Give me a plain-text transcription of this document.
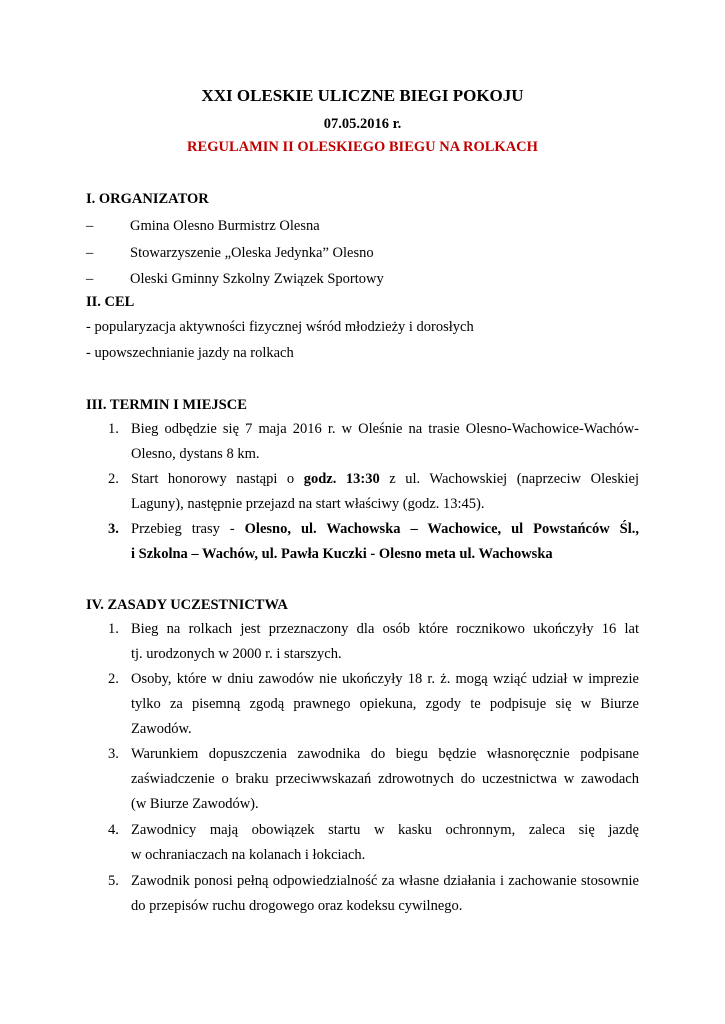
XXI OLESKIE ULICZNE BIEGI POKOJU
07.05.2016 r.
REGULAMIN II OLESKIEGO BIEGU NA ROLKACH
I. ORGANIZATOR
–	Gmina Olesno Burmistrz Olesna
–	Stowarzyszenie „Oleska Jedynka” Olesno
–	Oleski Gminny Szkolny Związek Sportowy
II. CEL
- popularyzacja aktywności fizycznej wśród młodzieży i dorosłych
- upowszechnianie jazdy na rolkach
III. TERMIN I MIEJSCE
1. Bieg odbędzie się 7 maja 2016 r. w Oleśnie na trasie Olesno-Wachowice-Wachów-
Olesno, dystans 8 km.
2. Start honorowy nastąpi o godz. 13:30 z ul. Wachowskiej (naprzeciw Oleskiej
Laguny), następnie przejazd na start właściwy (godz. 13:45).
3. Przebieg trasy - Olesno, ul. Wachowska – Wachowice, ul Powstańców Śl.,
i Szkolna – Wachów, ul. Pawła Kuczki - Olesno meta ul. Wachowska
IV. ZASADY UCZESTNICTWA
1. Bieg na rolkach jest przeznaczony dla osób które rocznikowo ukończyły 16 lat
tj. urodzonych w 2000 r. i starszych.
2. Osoby, które w dniu zawodów nie ukończyły 18 r. ż. mogą wziąć udział w imprezie
tylko za pisemną zgodą prawnego opiekuna, zgody te podpisuje się w Biurze
Zawodów.
3. Warunkiem dopuszczenia zawodnika do biegu będzie własnoręcznie podpisane
zaświadczenie o braku przeciwwskazań zdrowotnych do uczestnictwa w zawodach
(w Biurze Zawodów).
4. Zawodnicy mają obowiązek startu w kasku ochronnym, zaleca się jazdę
w ochraniaczach na kolanach i łokciach.
5. Zawodnik ponosi pełną odpowiedzialność za własne działania i zachowanie stosownie
do przepisów ruchu drogowego oraz kodeksu cywilnego.
